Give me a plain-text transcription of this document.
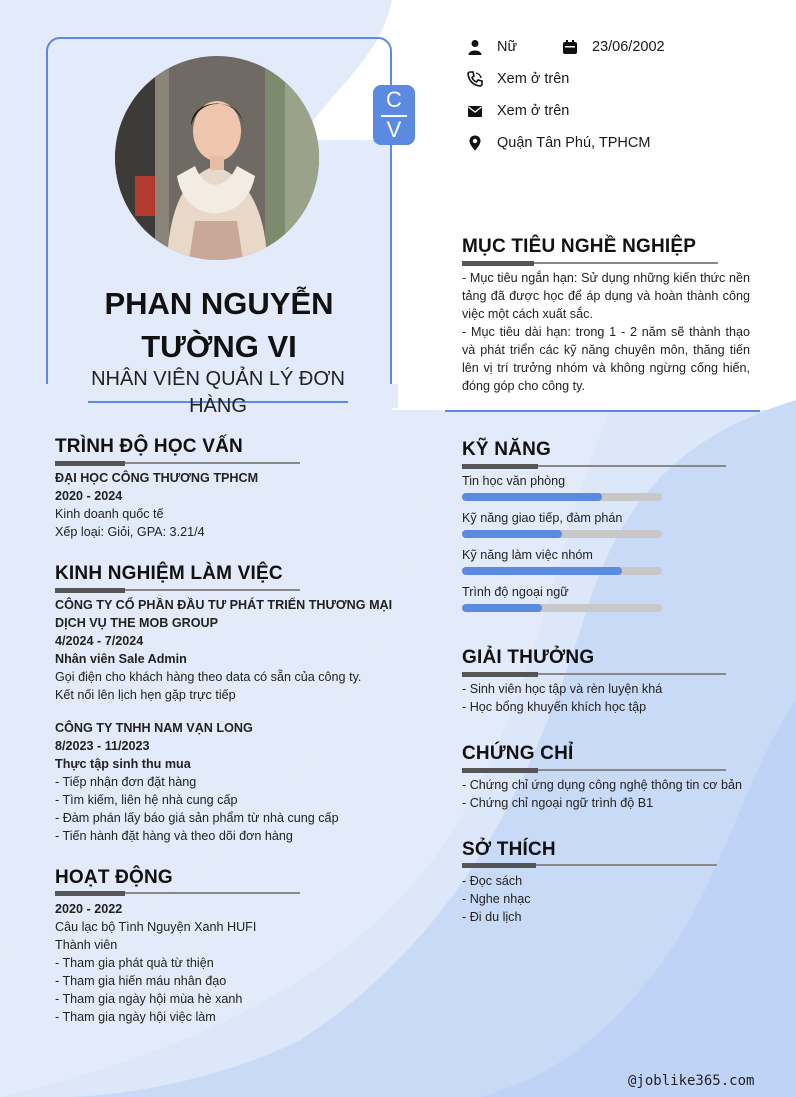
C
V
PHAN NGUYỄN
TƯỜNG VI
NHÂN VIÊN QUẢN LÝ ĐƠN HÀNG
Nữ	23/06/2002
Xem ở trên
Xem ở trên
Quận Tân Phú, TPHCM
MỤC TIÊU NGHỀ NGHIỆP
- Mục tiêu ngắn hạn: Sử dụng những kiến thức nền tảng đã được học để áp dụng và hoàn thành công việc một cách xuất sắc.
- Mục tiêu dài hạn: trong 1 - 2 năm sẽ thành thạo và phát triển các kỹ năng chuyên môn, thăng tiến lên vị trí trưởng nhóm và không ngừng cống hiến, đóng góp cho công ty.
TRÌNH ĐỘ HỌC VẤN
ĐẠI HỌC CÔNG THƯƠNG TPHCM
2020 - 2024
Kinh doanh quốc tế
Xếp loại: Giỏi, GPA: 3.21/4
KINH NGHIỆM LÀM VIỆC
CÔNG TY CỔ PHẦN ĐẦU TƯ PHÁT TRIỂN THƯƠNG MẠI
DỊCH VỤ THE MOB GROUP
4/2024 - 7/2024
Nhân viên Sale Admin
Gọi điện cho khách hàng theo data có sẵn của công ty.
Kết nối lên lịch hẹn gặp trực tiếp
CÔNG TY TNHH NAM VẠN LONG
8/2023 - 11/2023
Thực tập sinh thu mua
- Tiếp nhận đơn đặt hàng
- Tìm kiếm, liên hệ nhà cung cấp
- Đàm phán lấy báo giá sản phẩm từ nhà cung cấp
- Tiến hành đặt hàng và theo dõi đơn hàng
HOẠT ĐỘNG
2020 - 2022
Câu lạc bộ Tình Nguyện Xanh HUFI
Thành viên
- Tham gia phát quà từ thiện
- Tham gia hiến máu nhân đạo
- Tham gia ngày hội mùa hè xanh
- Tham gia ngày hội việc làm
KỸ NĂNG
Tin học văn phòng
Kỹ năng giao tiếp, đàm phán
Kỹ năng làm việc nhóm
Trình độ ngoại ngữ
GIẢI THƯỞNG
- Sinh viên học tập và rèn luyện khá
- Học bổng khuyến khích học tập
CHỨNG CHỈ
- Chứng chỉ ứng dụng công nghệ thông tin cơ bản
- Chứng chỉ ngoại ngữ trình độ B1
SỞ THÍCH
- Đọc sách
- Nghe nhạc
- Đi du lịch
@joblike365.com
